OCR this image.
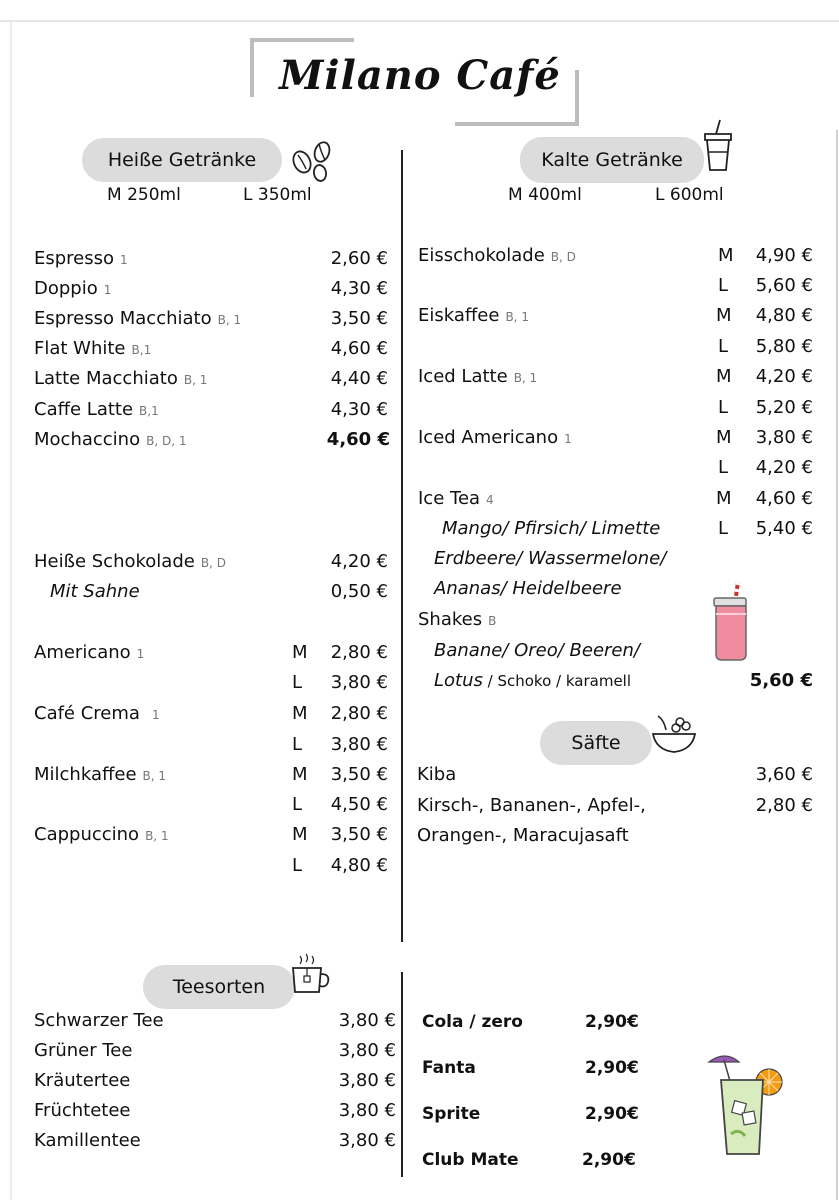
Milano Café
Heiße Getränke
M 250ml	L 350ml
Espresso 1	2,60 €
Doppio 1	4,30 €
Espresso Macchiato B, 1	3,50 €
Flat White B,1	4,60 €
Latte Macchiato B, 1	4,40 €
Caffe Latte B,1	4,30 €
Mochaccino B, D, 1	4,60 €
Heiße Schokolade B, D	4,20 €
Mit Sahne	0,50 €
Americano 1	M	2,80 €
L	3,80 €
Café Crema 1	M	2,80 €
L	3,80 €
Milchkaffee B, 1	M	3,50 €
L	4,50 €
Cappuccino B, 1	M	3,50 €
L	4,80 €
Kalte Getränke
M 400ml	L 600ml
Eisschokolade B, D	M	4,90 €
L	5,60 €
Eiskaffee B, 1	M	4,80 €
L	5,80 €
Iced Latte B, 1	M	4,20 €
L	5,20 €
Iced Americano 1	M	3,80 €
L	4,20 €
Ice Tea 4	M	4,60 €
L	5,40 €
Mango/ Pfirsich/ Limette
Erdbeere/ Wassermelone/
Ananas/ Heidelbeere
Shakes B
Banane/ Oreo/ Beeren/
Lotus / Schoko / karamell	5,60 €
Säfte
Kiba	3,60 €
Kirsch-, Bananen-, Apfel-,	2,80 €
Orangen-, Maracujasaft
Teesorten
Schwarzer Tee	3,80 €
Grüner Tee	3,80 €
Kräutertee	3,80 €
Früchtetee	3,80 €
Kamillentee	3,80 €
Cola / zero	2,90€
Fanta	2,90€
Sprite	2,90€
Club Mate	2,90€
